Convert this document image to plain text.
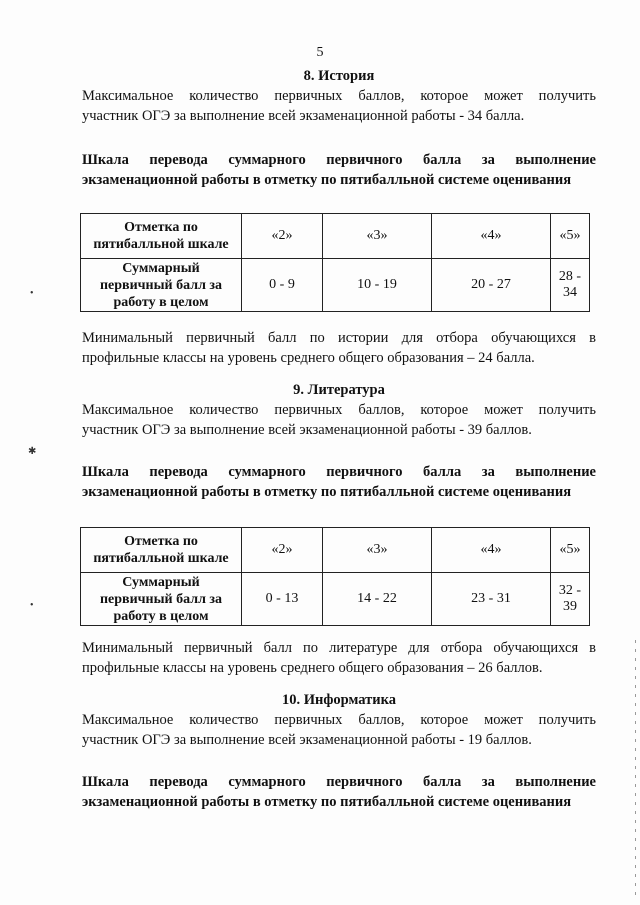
5
8. История
Максимальное количество первичных баллов, которое может получить
участник ОГЭ за выполнение всей экзаменационной работы - 34 балла.
Шкала перевода суммарного первичного балла за выполнение
экзаменационной работы в отметку по пятибалльной системе оценивания
Отметка по пятибалльной шкале	«2»	«3»	«4»	«5»
Суммарный первичный балл за работу в целом	0 - 9	10 - 19	20 - 27	28 - 34
Минимальный первичный балл по истории для отбора обучающихся в
профильные классы на уровень среднего общего образования – 24 балла.
9. Литература
Максимальное количество первичных баллов, которое может получить
участник ОГЭ за выполнение всей экзаменационной работы - 39 баллов.
Шкала перевода суммарного первичного балла за выполнение
экзаменационной работы в отметку по пятибалльной системе оценивания
Отметка по пятибалльной шкале	«2»	«3»	«4»	«5»
Суммарный первичный балл за работу в целом	0 - 13	14 - 22	23 - 31	32 - 39
Минимальный первичный балл по литературе для отбора обучающихся в
профильные классы на уровень среднего общего образования – 26 баллов.
10. Информатика
Максимальное количество первичных баллов, которое может получить
участник ОГЭ за выполнение всей экзаменационной работы - 19 баллов.
Шкала перевода суммарного первичного балла за выполнение
экзаменационной работы в отметку по пятибалльной системе оценивания
•
✱
•
